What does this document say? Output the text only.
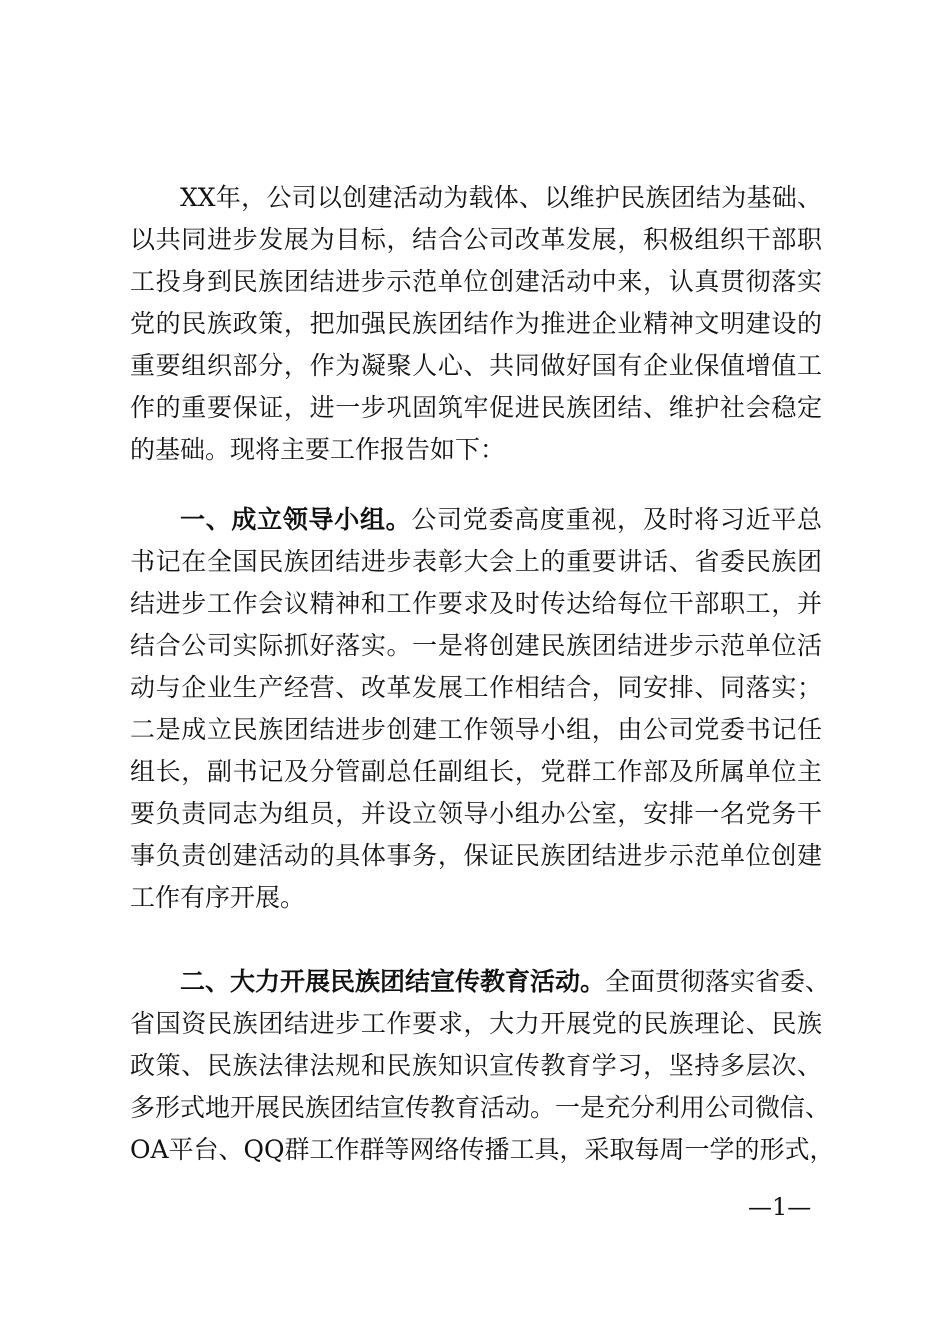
XX年，公司以创建活动为载体、以维护民族团结为基础、
以共同进步发展为目标，结合公司改革发展，积极组织干部职
工投身到民族团结进步示范单位创建活动中来，认真贯彻落实
党的民族政策，把加强民族团结作为推进企业精神文明建设的
重要组织部分，作为凝聚人心、共同做好国有企业保值增值工
作的重要保证，进一步巩固筑牢促进民族团结、维护社会稳定
的基础。现将主要工作报告如下：
一、成立领导小组。公司党委高度重视，及时将习近平总
书记在全国民族团结进步表彰大会上的重要讲话、省委民族团
结进步工作会议精神和工作要求及时传达给每位干部职工，并
结合公司实际抓好落实。一是将创建民族团结进步示范单位活
动与企业生产经营、改革发展工作相结合，同安排、同落实；
二是成立民族团结进步创建工作领导小组，由公司党委书记任
组长，副书记及分管副总任副组长，党群工作部及所属单位主
要负责同志为组员，并设立领导小组办公室，安排一名党务干
事负责创建活动的具体事务，保证民族团结进步示范单位创建
工作有序开展。
二、大力开展民族团结宣传教育活动。全面贯彻落实省委、
省国资民族团结进步工作要求，大力开展党的民族理论、民族
政策、民族法律法规和民族知识宣传教育学习，坚持多层次、
多形式地开展民族团结宣传教育活动。一是充分利用公司微信、
OA平台、QQ群工作群等网络传播工具，采取每周一学的形式，
—1—
